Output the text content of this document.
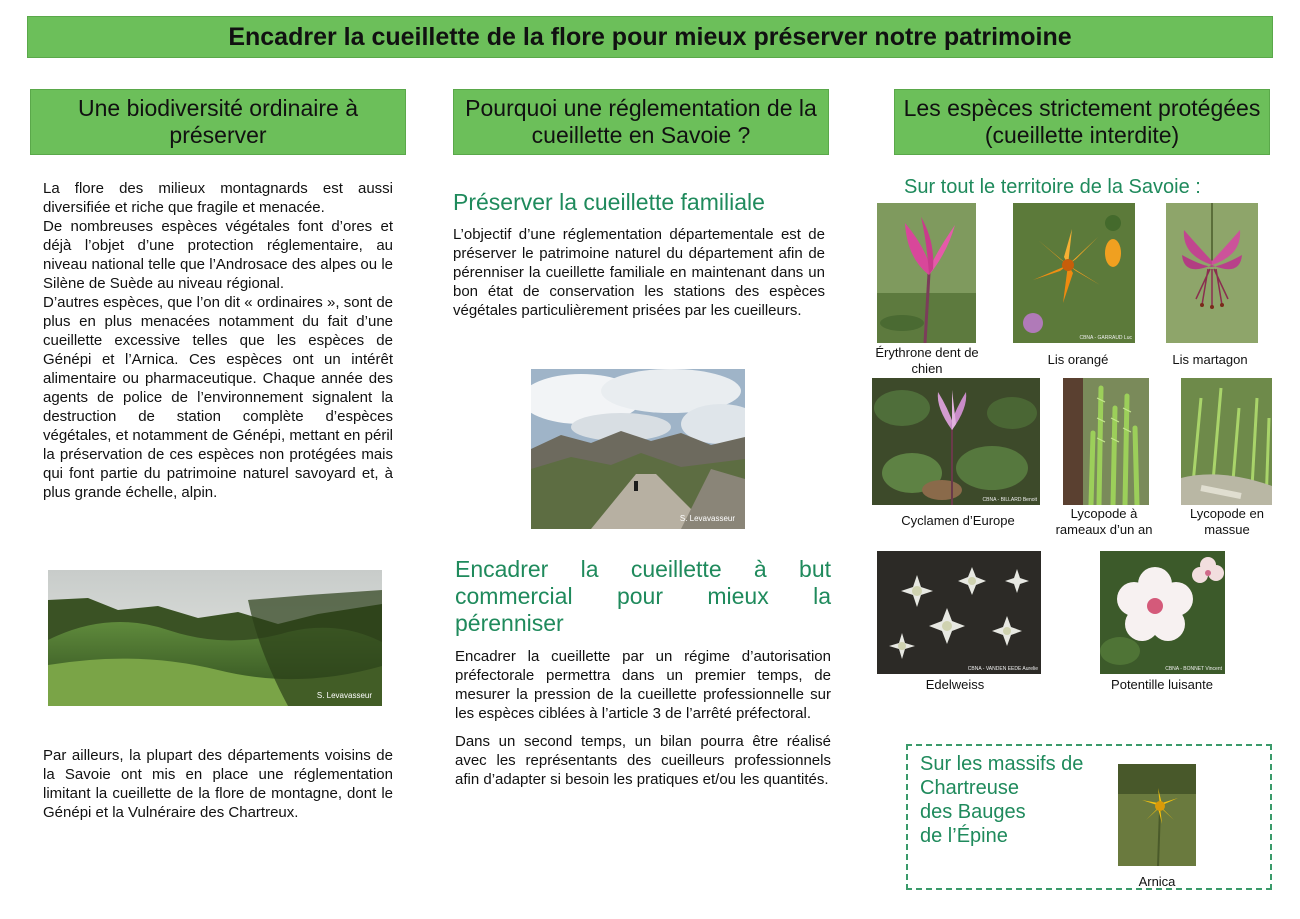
Encadrer la cueillette de la flore pour mieux préserver notre patrimoine
Une biodiversité ordinaire à préserver

La flore des milieux montagnards est aussi diversifiée et riche que fragile et menacée.

De nombreuses espèces végétales font d’ores et déjà l’objet d’une protection réglementaire, au niveau national telle que l’Androsace des alpes ou le Silène de Suède au niveau régional.

D’autres espèces, que l’on dit « ordinaires », sont de plus en plus menacées notamment du fait d’une cueillette excessive telles que les espèces de Génépi et l’Arnica. Ces espèces ont un intérêt alimentaire ou pharmaceutique. Chaque année des agents de police de l’environnement signalent la destruction de station complète d’espèces végétales, et notamment de Génépi, mettant en péril la préservation de ces espèces non protégées mais qui font partie du patrimoine naturel savoyard et, à plus grande échelle, alpin.

S. Levavasseur

Par ailleurs, la plupart des départements voisins de la Savoie ont mis en place une réglementation limitant la cueillette de la flore de montagne, dont le Génépi et la Vulnéraire des Chartreux.

Pourquoi une réglementation de la cueillette en Savoie ?

Préserver la cueillette familiale

L’objectif d’une réglementation départementale est de préserver le patrimoine naturel du département afin de pérenniser la cueillette familiale en maintenant dans un bon état de conservation les stations des espèces végétales particulièrement prisées par les cueilleurs.

S. Levavasseur

Encadrer la cueillette à but commercial pour mieux la pérenniser

Encadrer la cueillette par un régime d’autorisation préfectorale permettra dans un premier temps, de mesurer la pression de la cueillette professionnelle sur les espèces ciblées à l’article 3 de l’arrêté préfectoral.

Dans un second temps, un bilan pourra être réalisé avec les représentants des cueilleurs professionnels afin d’adapter si besoin les pratiques et/ou les quantités.

Les espèces strictement protégées (cueillette interdite)

Sur tout le territoire de la Savoie :

Érythrone dent de chien
CBNA - GARRAUD Luc
Lis orangé	Lis martagon
CBNA - BILLARD Benoit
Cyclamen d’Europe	Lycopode à rameaux d’un an
Lycopode en massue
CBNA - VANDEN EEDE Aurelie
Edelweiss
CBNA - BONNET Vincent
Potentille luisante
Sur les massifs de
Chartreuse
des Bauges
de l’Épine
Arnica
